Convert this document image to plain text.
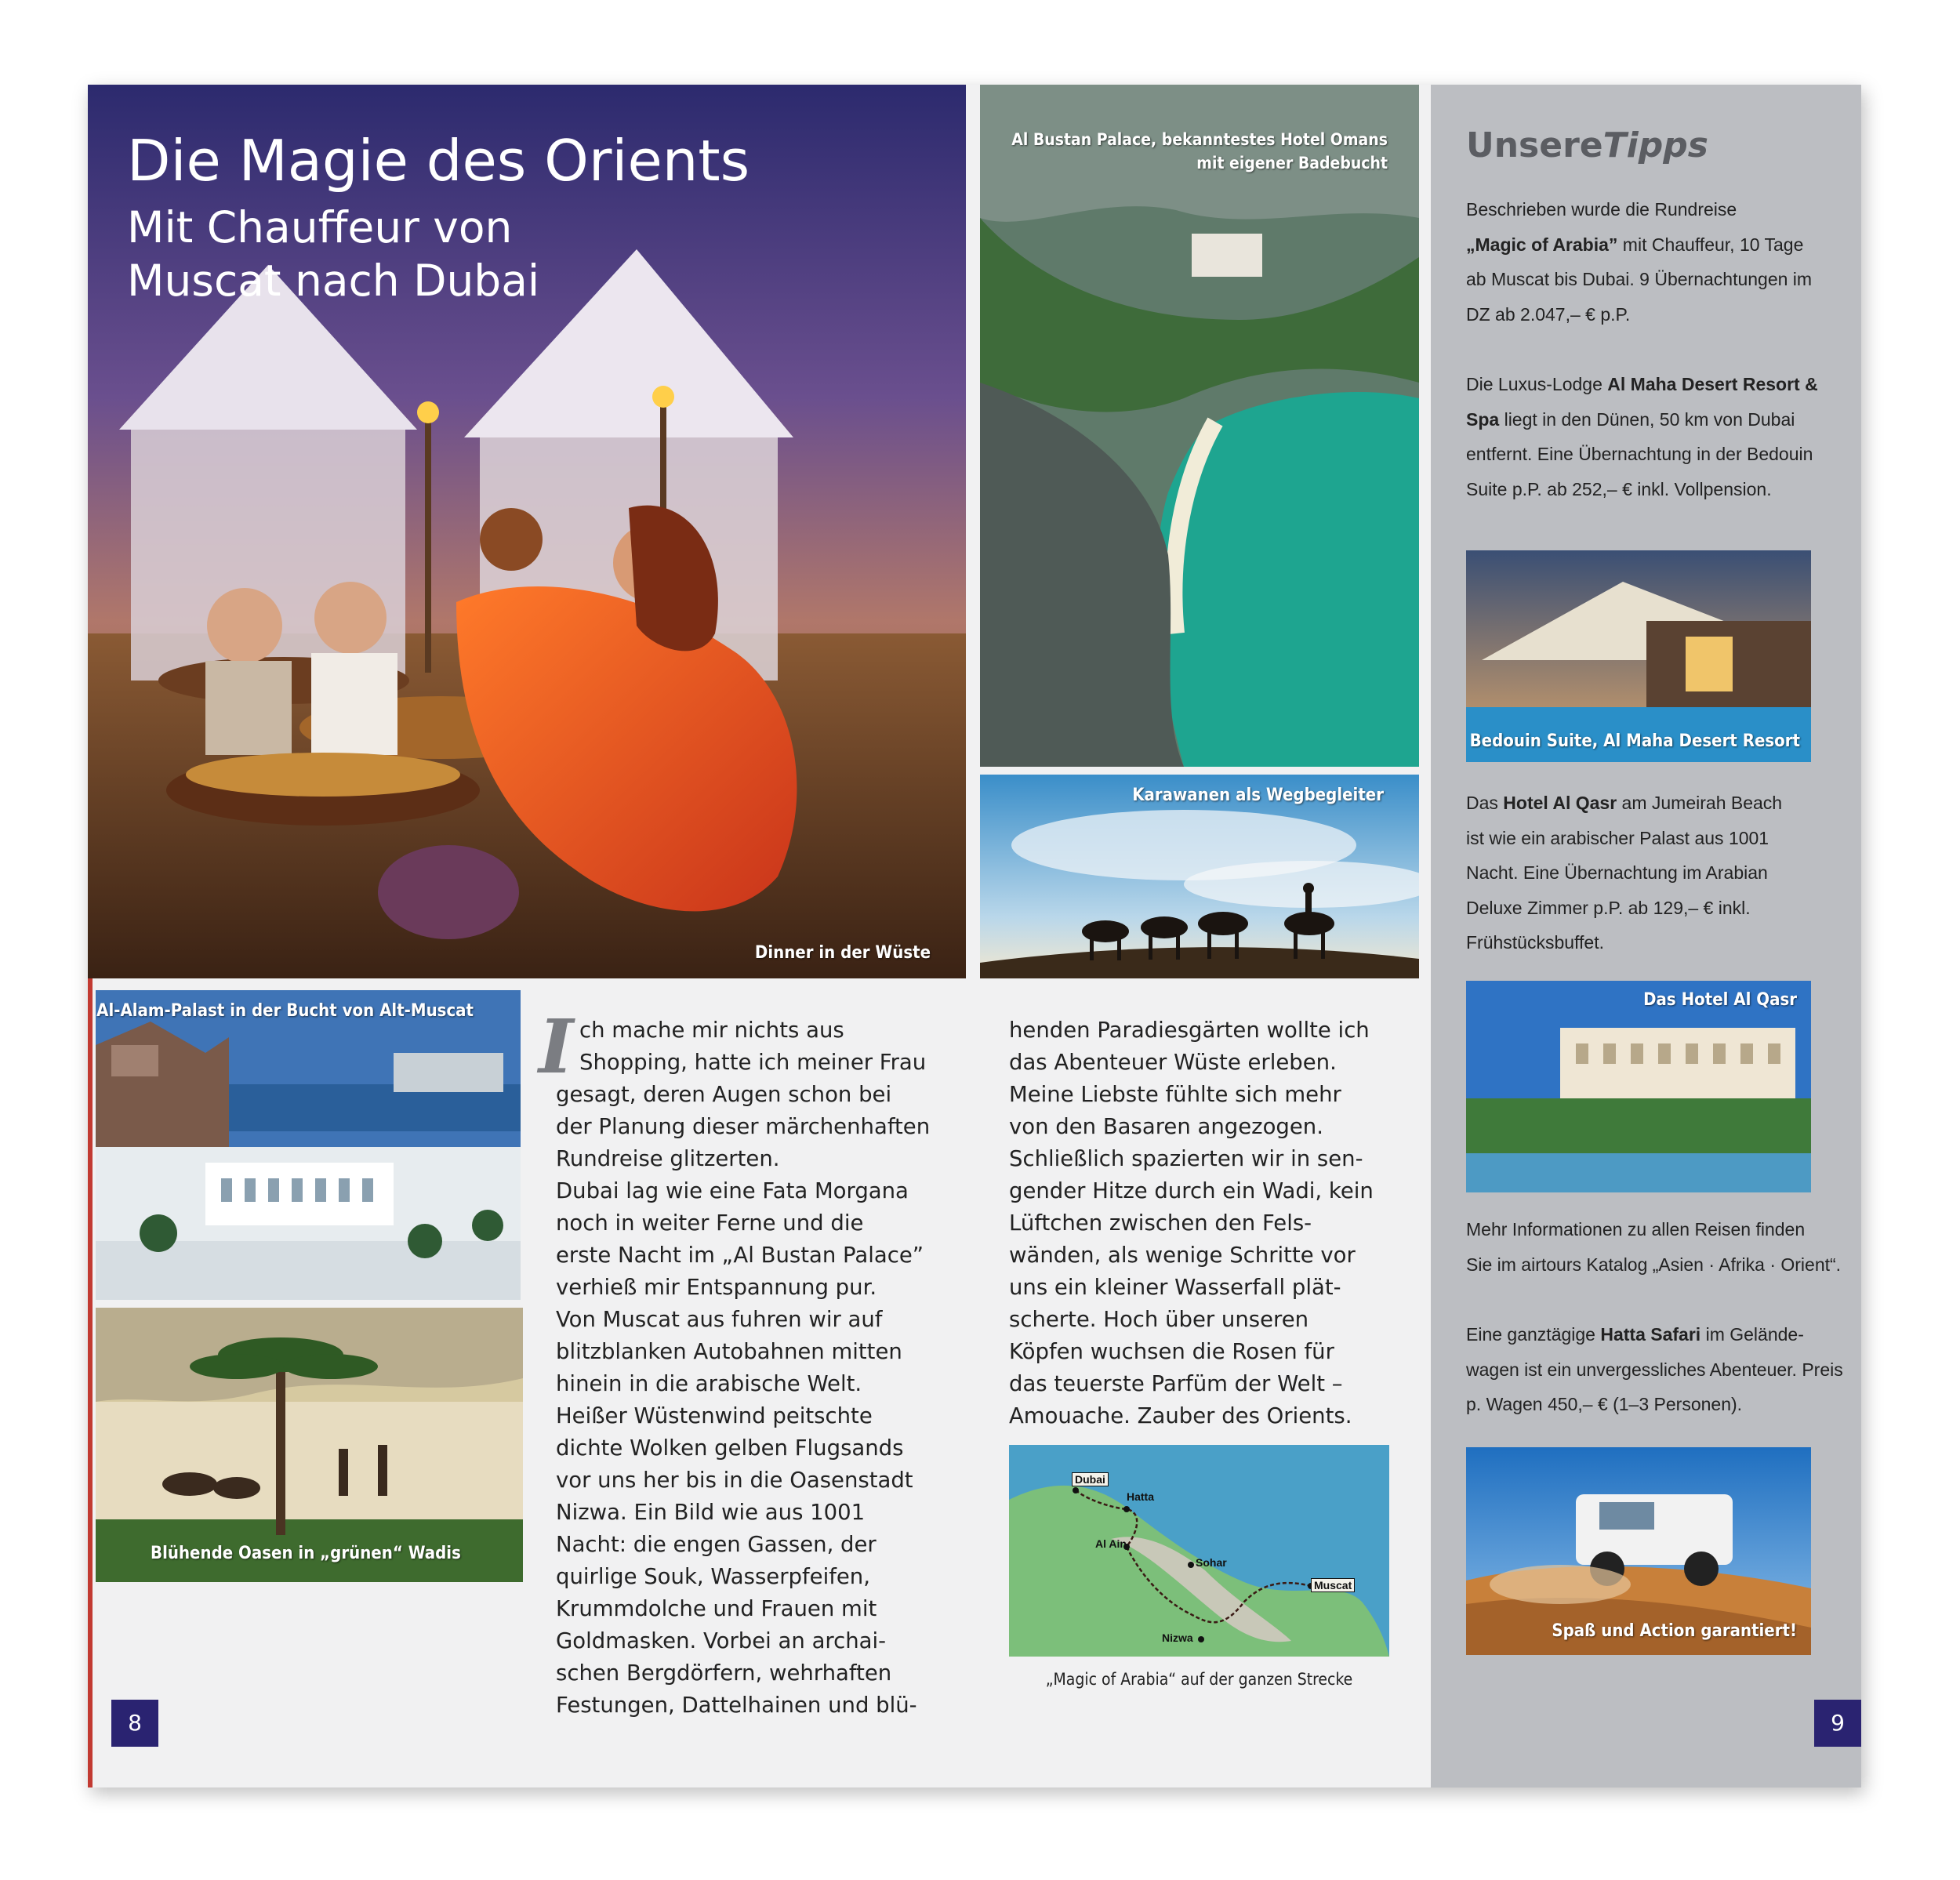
Die Magie des Orients
Mit Chauffeur von
Muscat nach Dubai
Dinner in der Wüste
Al Bustan Palace, bekanntestes Hotel Omans
mit eigener Badebucht
Karawanen als Wegbegleiter
Al-Alam-Palast in der Bucht von Alt-Muscat
Blühende Oasen in „grünen“ Wadis
8
I ch mache mir nichts aus
Shopping, hatte ich meiner Frau
gesagt, deren Augen schon bei
der Planung dieser märchenhaften
Rundreise glitzerten.
Dubai lag wie eine Fata Morgana
noch in weiter Ferne und die
erste Nacht im „Al Bustan Palace”
verhieß mir Entspannung pur.
Von Muscat aus fuhren wir auf
blitzblanken Autobahnen mitten
hinein in die arabische Welt.
Heißer Wüstenwind peitschte
dichte Wolken gelben Flugsands
vor uns her bis in die Oasenstadt
Nizwa. Ein Bild wie aus 1001
Nacht: die engen Gassen, der
quirlige Souk, Wasserpfeifen,
Krummdolche und Frauen mit
Goldmasken. Vorbei an archai-
schen Bergdörfern, wehrhaften
Festungen, Dattelhainen und blü-
henden Paradiesgärten wollte ich
das Abenteuer Wüste erleben.
Meine Liebste fühlte sich mehr
von den Basaren angezogen.
Schließlich spazierten wir in sen-
gender Hitze durch ein Wadi, kein
Lüftchen zwischen den Fels-
wänden, als wenige Schritte vor
uns ein kleiner Wasserfall plät-
scherte. Hoch über unseren
Köpfen wuchsen die Rosen für
das teuerste Parfüm der Welt –
Amouache. Zauber des Orients.
Dubai
Hatta
Al Ain
Sohar
Muscat
Nizwa
„Magic of Arabia“ auf der ganzen Strecke
UnsereTipps
Beschrieben wurde die Rundreise
„Magic of Arabia” mit Chauffeur, 10 Tage
ab Muscat bis Dubai. 9 Übernachtungen im
DZ ab 2.047,– € p.P.
Die Luxus-Lodge Al Maha Desert Resort &
Spa liegt in den Dünen, 50 km von Dubai
entfernt. Eine Übernachtung in der Bedouin
Suite p.P. ab 252,– € inkl. Vollpension.
Bedouin Suite, Al Maha Desert Resort
Das Hotel Al Qasr am Jumeirah Beach
ist wie ein arabischer Palast aus 1001
Nacht. Eine Übernachtung im Arabian
Deluxe Zimmer p.P. ab 129,– € inkl.
Frühstücksbuffet.
Das Hotel Al Qasr
Mehr Informationen zu allen Reisen finden
Sie im airtours Katalog „Asien · Afrika · Orient“.
Eine ganztägige Hatta Safari im Gelände-
wagen ist ein unvergessliches Abenteuer. Preis
p. Wagen 450,– € (1–3 Personen).
Spaß und Action garantiert!
9
